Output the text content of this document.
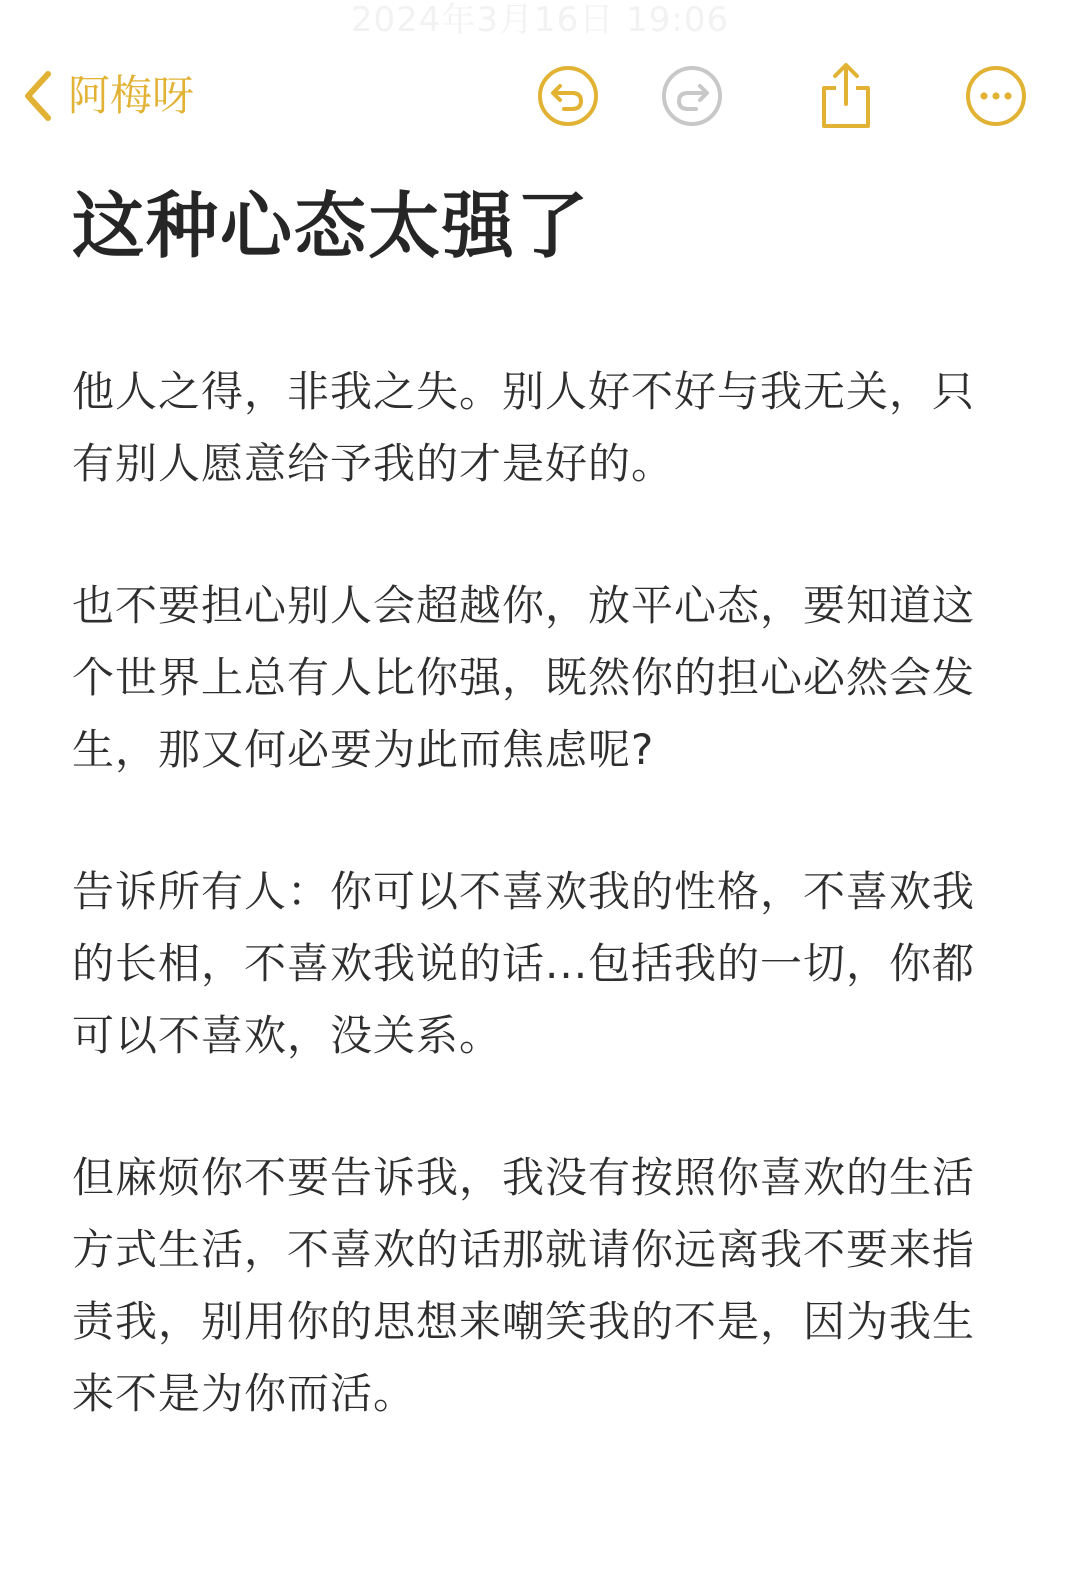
2024年3月16日 19:06
阿梅呀
这种心态太强了

他人之得，非我之失。别人好不好与我无关，只有别人愿意给予我的才是好的。

也不要担心别人会超越你，放平心态，要知道这个世界上总有人比你强，既然你的担心必然会发生，那又何必要为此而焦虑呢?

告诉所有人：你可以不喜欢我的性格，不喜欢我的长相，不喜欢我说的话...包括我的一切，你都可以不喜欢，没关系。

但麻烦你不要告诉我，我没有按照你喜欢的生活方式生活，不喜欢的话那就请你远离我不要来指责我，别用你的思想来嘲笑我的不是，因为我生来不是为你而活。
